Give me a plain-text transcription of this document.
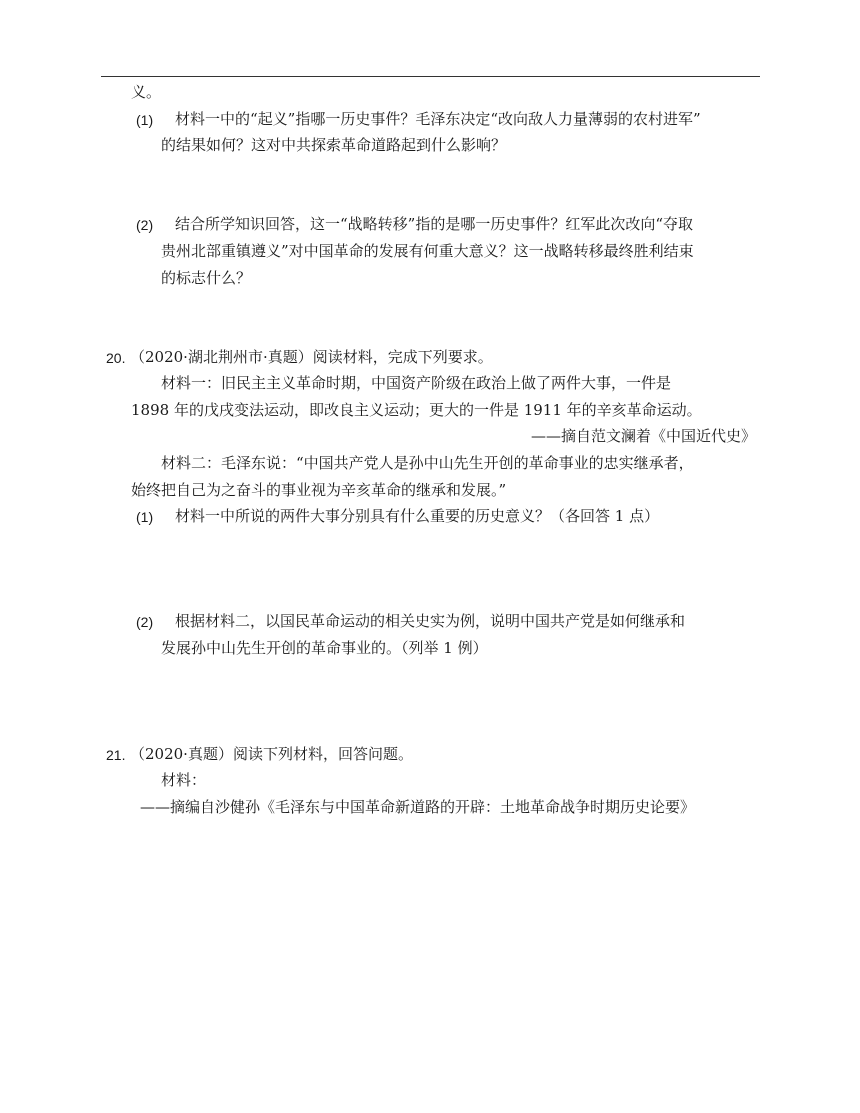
义。
(1) 材料一中的“起义”指哪一历史事件？毛泽东决定“改向敌人力量薄弱的农村进军”
的结果如何？这对中共探索革命道路起到什么影响？
(2) 结合所学知识回答，这一“战略转移”指的是哪一历史事件？红军此次改向“夺取
贵州北部重镇遵义”对中国革命的发展有何重大意义？这一战略转移最终胜利结束
的标志什么？
20. （2020·湖北荆州市·真题）阅读材料，完成下列要求。
材料一：旧民主主义革命时期，中国资产阶级在政治上做了两件大事，一件是
1898 年的戊戌变法运动，即改良主义运动；更大的一件是 1911 年的辛亥革命运动。
——摘自范文澜着《中国近代史》
材料二：毛泽东说：“中国共产党人是孙中山先生开创的革命事业的忠实继承者，
始终把自己为之奋斗的事业视为辛亥革命的继承和发展。”
(1) 材料一中所说的两件大事分别具有什么重要的历史意义？（各回答 1 点）
(2) 根据材料二，以国民革命运动的相关史实为例，说明中国共产党是如何继承和
发展孙中山先生开创的革命事业的。（列举 1 例）
21. （2020·真题）阅读下列材料，回答问题。
材料：
——摘编自沙健孙《毛泽东与中国革命新道路的开辟：土地革命战争时期历史论要》
